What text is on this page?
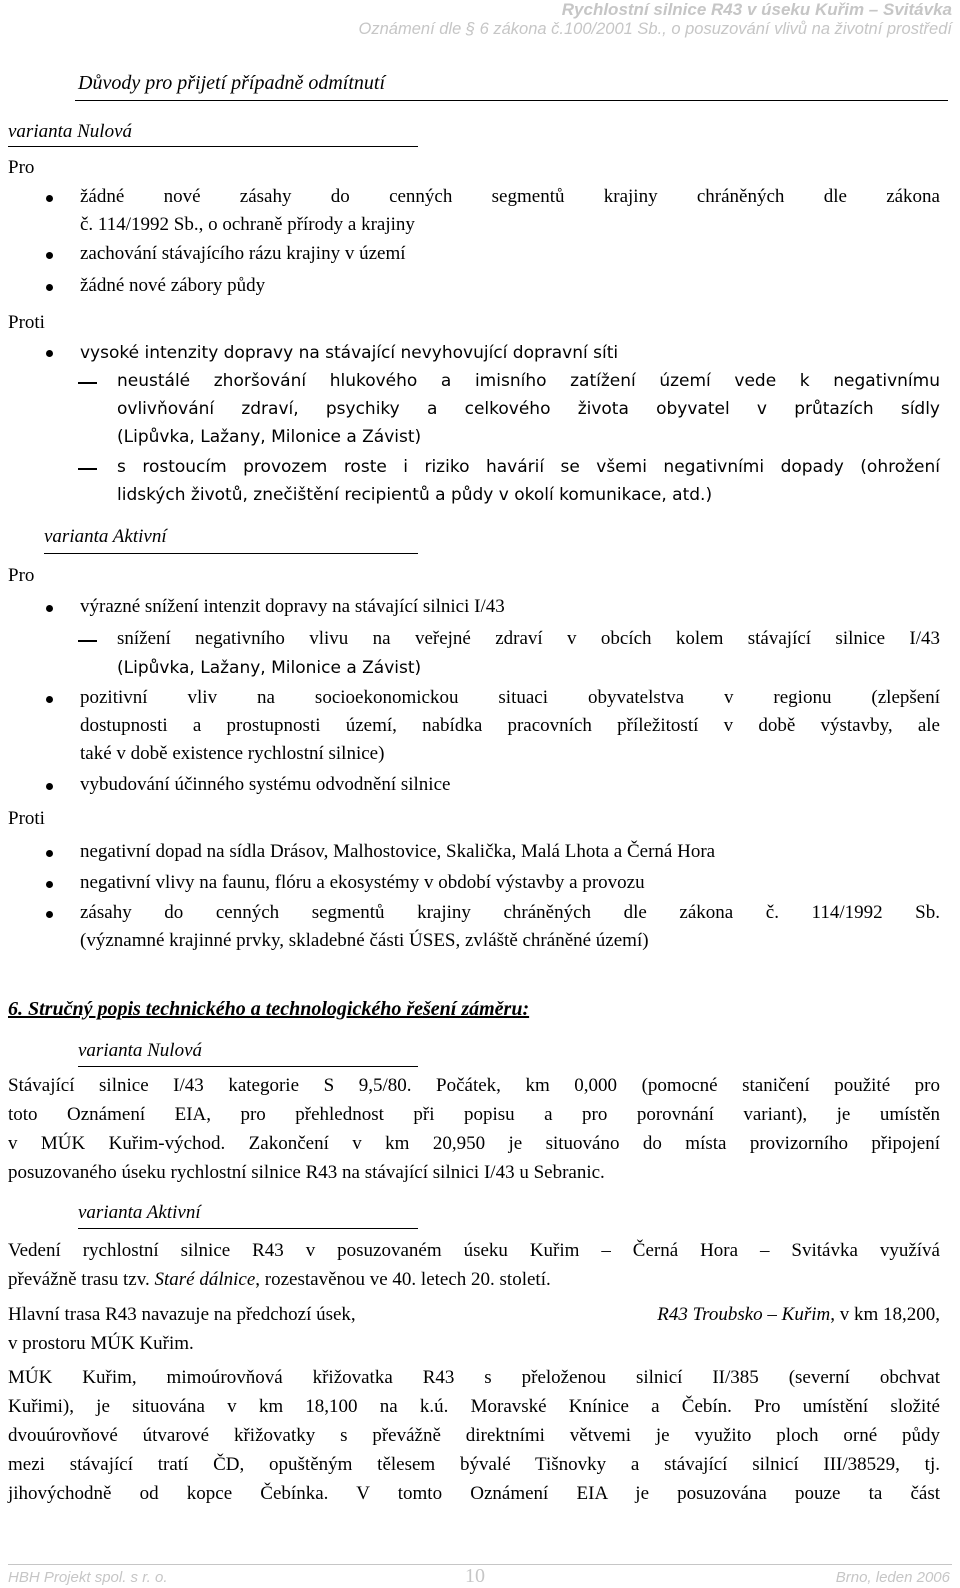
Rychlostní silnice R43 v úseku Kuřim – Svitávka
Oznámení dle § 6 zákona č.100/2001 Sb., o posuzování vlivů na životní prostředí
Důvody pro přijetí případně odmítnutí
varianta Nulová
Pro
žádné nové zásahy do cenných segmentů krajiny chráněných dle zákona
č. 114/1992 Sb., o ochraně přírody a krajiny
zachování stávajícího rázu krajiny v území
žádné nové zábory půdy
Proti
vysoké intenzity dopravy na stávající nevyhovující dopravní síti
neustálé zhoršování hlukového a imisního zatížení území vede k negativnímu
ovlivňování zdraví, psychiky a celkového života obyvatel v průtazích sídly
(Lipůvka, Lažany, Milonice a Závist)
s rostoucím provozem roste i riziko havárií se všemi negativními dopady (ohrožení
lidských životů, znečištění recipientů a půdy v okolí komunikace, atd.)
varianta Aktivní
Pro
výrazné snížení intenzit dopravy na stávající silnici I/43
snížení negativního vlivu na veřejné zdraví v obcích kolem stávající silnice I/43
(Lipůvka, Lažany, Milonice a Závist)
pozitivní vliv na socioekonomickou situaci obyvatelstva v regionu (zlepšení
dostupnosti a prostupnosti území, nabídka pracovních příležitostí v době výstavby, ale
také v době existence rychlostní silnice)
vybudování účinného systému odvodnění silnice
Proti
negativní dopad na sídla Drásov, Malhostovice, Skalička, Malá Lhota a Černá Hora
negativní vlivy na faunu, flóru a ekosystémy v období výstavby a provozu
zásahy do cenných segmentů krajiny chráněných dle zákona č. 114/1992 Sb.
(významné krajinné prvky, skladebné části ÚSES, zvláště chráněné území)
6. Stručný popis technického a technologického řešení záměru:
varianta Nulová
Stávající silnice I/43 kategorie S 9,5/80. Počátek, km 0,000 (pomocné staničení použité pro
toto Oznámení EIA, pro přehlednost při popisu a pro porovnání variant), je umístěn
v MÚK Kuřim-východ. Zakončení v km 20,950 je situováno do místa provizorního připojení
posuzovaného úseku rychlostní silnice R43 na stávající silnici I/43 u Sebranic.
varianta Aktivní
Vedení rychlostní silnice R43 v posuzovaném úseku Kuřim – Černá Hora – Svitávka využívá
převážně trasu tzv. Staré dálnice, rozestavěnou ve 40. letech 20. století.
Hlavní trasa R43 navazuje na předchozí úsek,	R43 Troubsko – Kuřim, v km 18,200,
v prostoru MÚK Kuřim.
MÚK Kuřim, mimoúrovňová křižovatka R43 s přeloženou silnicí II/385 (severní obchvat
Kuřimi), je situována v km 18,100 na k.ú. Moravské Knínice a Čebín. Pro umístění složité
dvouúrovňové útvarové křižovatky s převážně direktními větvemi je využito ploch orné půdy
mezi stávající tratí ČD, opuštěným tělesem bývalé Tišnovky a stávající silnicí III/38529, tj.
jihovýchodně od kopce Čebínka. V tomto Oznámení EIA je posuzována pouze ta část
HBH Projekt spol. s r. o.	10	Brno, leden 2006
